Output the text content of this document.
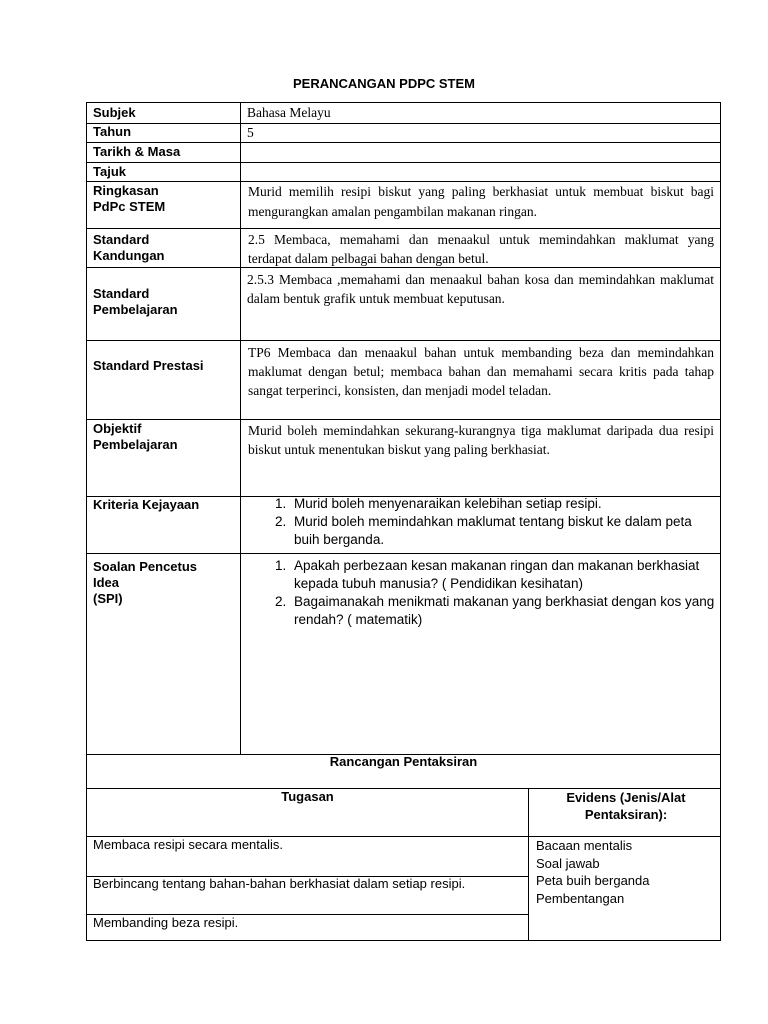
PERANCANGAN PDPC STEM
Subjek
Tahun
Tarikh & Masa
Tajuk
Ringkasan
PdPc STEM
Standard
Kandungan
Standard
Pembelajaran
Standard Prestasi
Objektif
Pembelajaran
Kriteria Kejayaan
Soalan Pencetus
Idea
(SPI)
Bahasa Melayu
5
Murid memilih resipi biskut yang paling berkhasiat untuk membuat biskut bagi mengurangkan amalan pengambilan makanan ringan.
2.5 Membaca, memahami dan menaakul untuk memindahkan maklumat yang terdapat dalam pelbagai bahan dengan betul.
2.5.3 Membaca ,memahami dan menaakul bahan kosa dan memindahkan maklumat dalam bentuk grafik untuk membuat keputusan.
TP6 Membaca dan menaakul bahan untuk membanding beza dan memindahkan maklumat dengan betul; membaca bahan dan memahami secara kritis pada tahap sangat terperinci, konsisten, dan menjadi model teladan.
Murid boleh memindahkan sekurang-kurangnya tiga maklumat daripada dua resipi biskut untuk menentukan biskut yang paling berkhasiat.
1. Murid boleh menyenaraikan kelebihan setiap resipi.
2. Murid boleh memindahkan maklumat tentang biskut ke dalam peta buih berganda.
1. Apakah perbezaan kesan makanan ringan dan makanan berkhasiat kepada tubuh manusia? ( Pendidikan kesihatan)
2. Bagaimanakah menikmati makanan yang berkhasiat dengan kos yang rendah? ( matematik)
Rancangan Pentaksiran
Tugasan	Evidens (Jenis/Alat Pentaksiran):
Membaca resipi secara mentalis.
Berbincang tentang bahan-bahan berkhasiat dalam setiap resipi.
Membanding beza resipi.
Bacaan mentalis
Soal jawab
Peta buih berganda
Pembentangan
